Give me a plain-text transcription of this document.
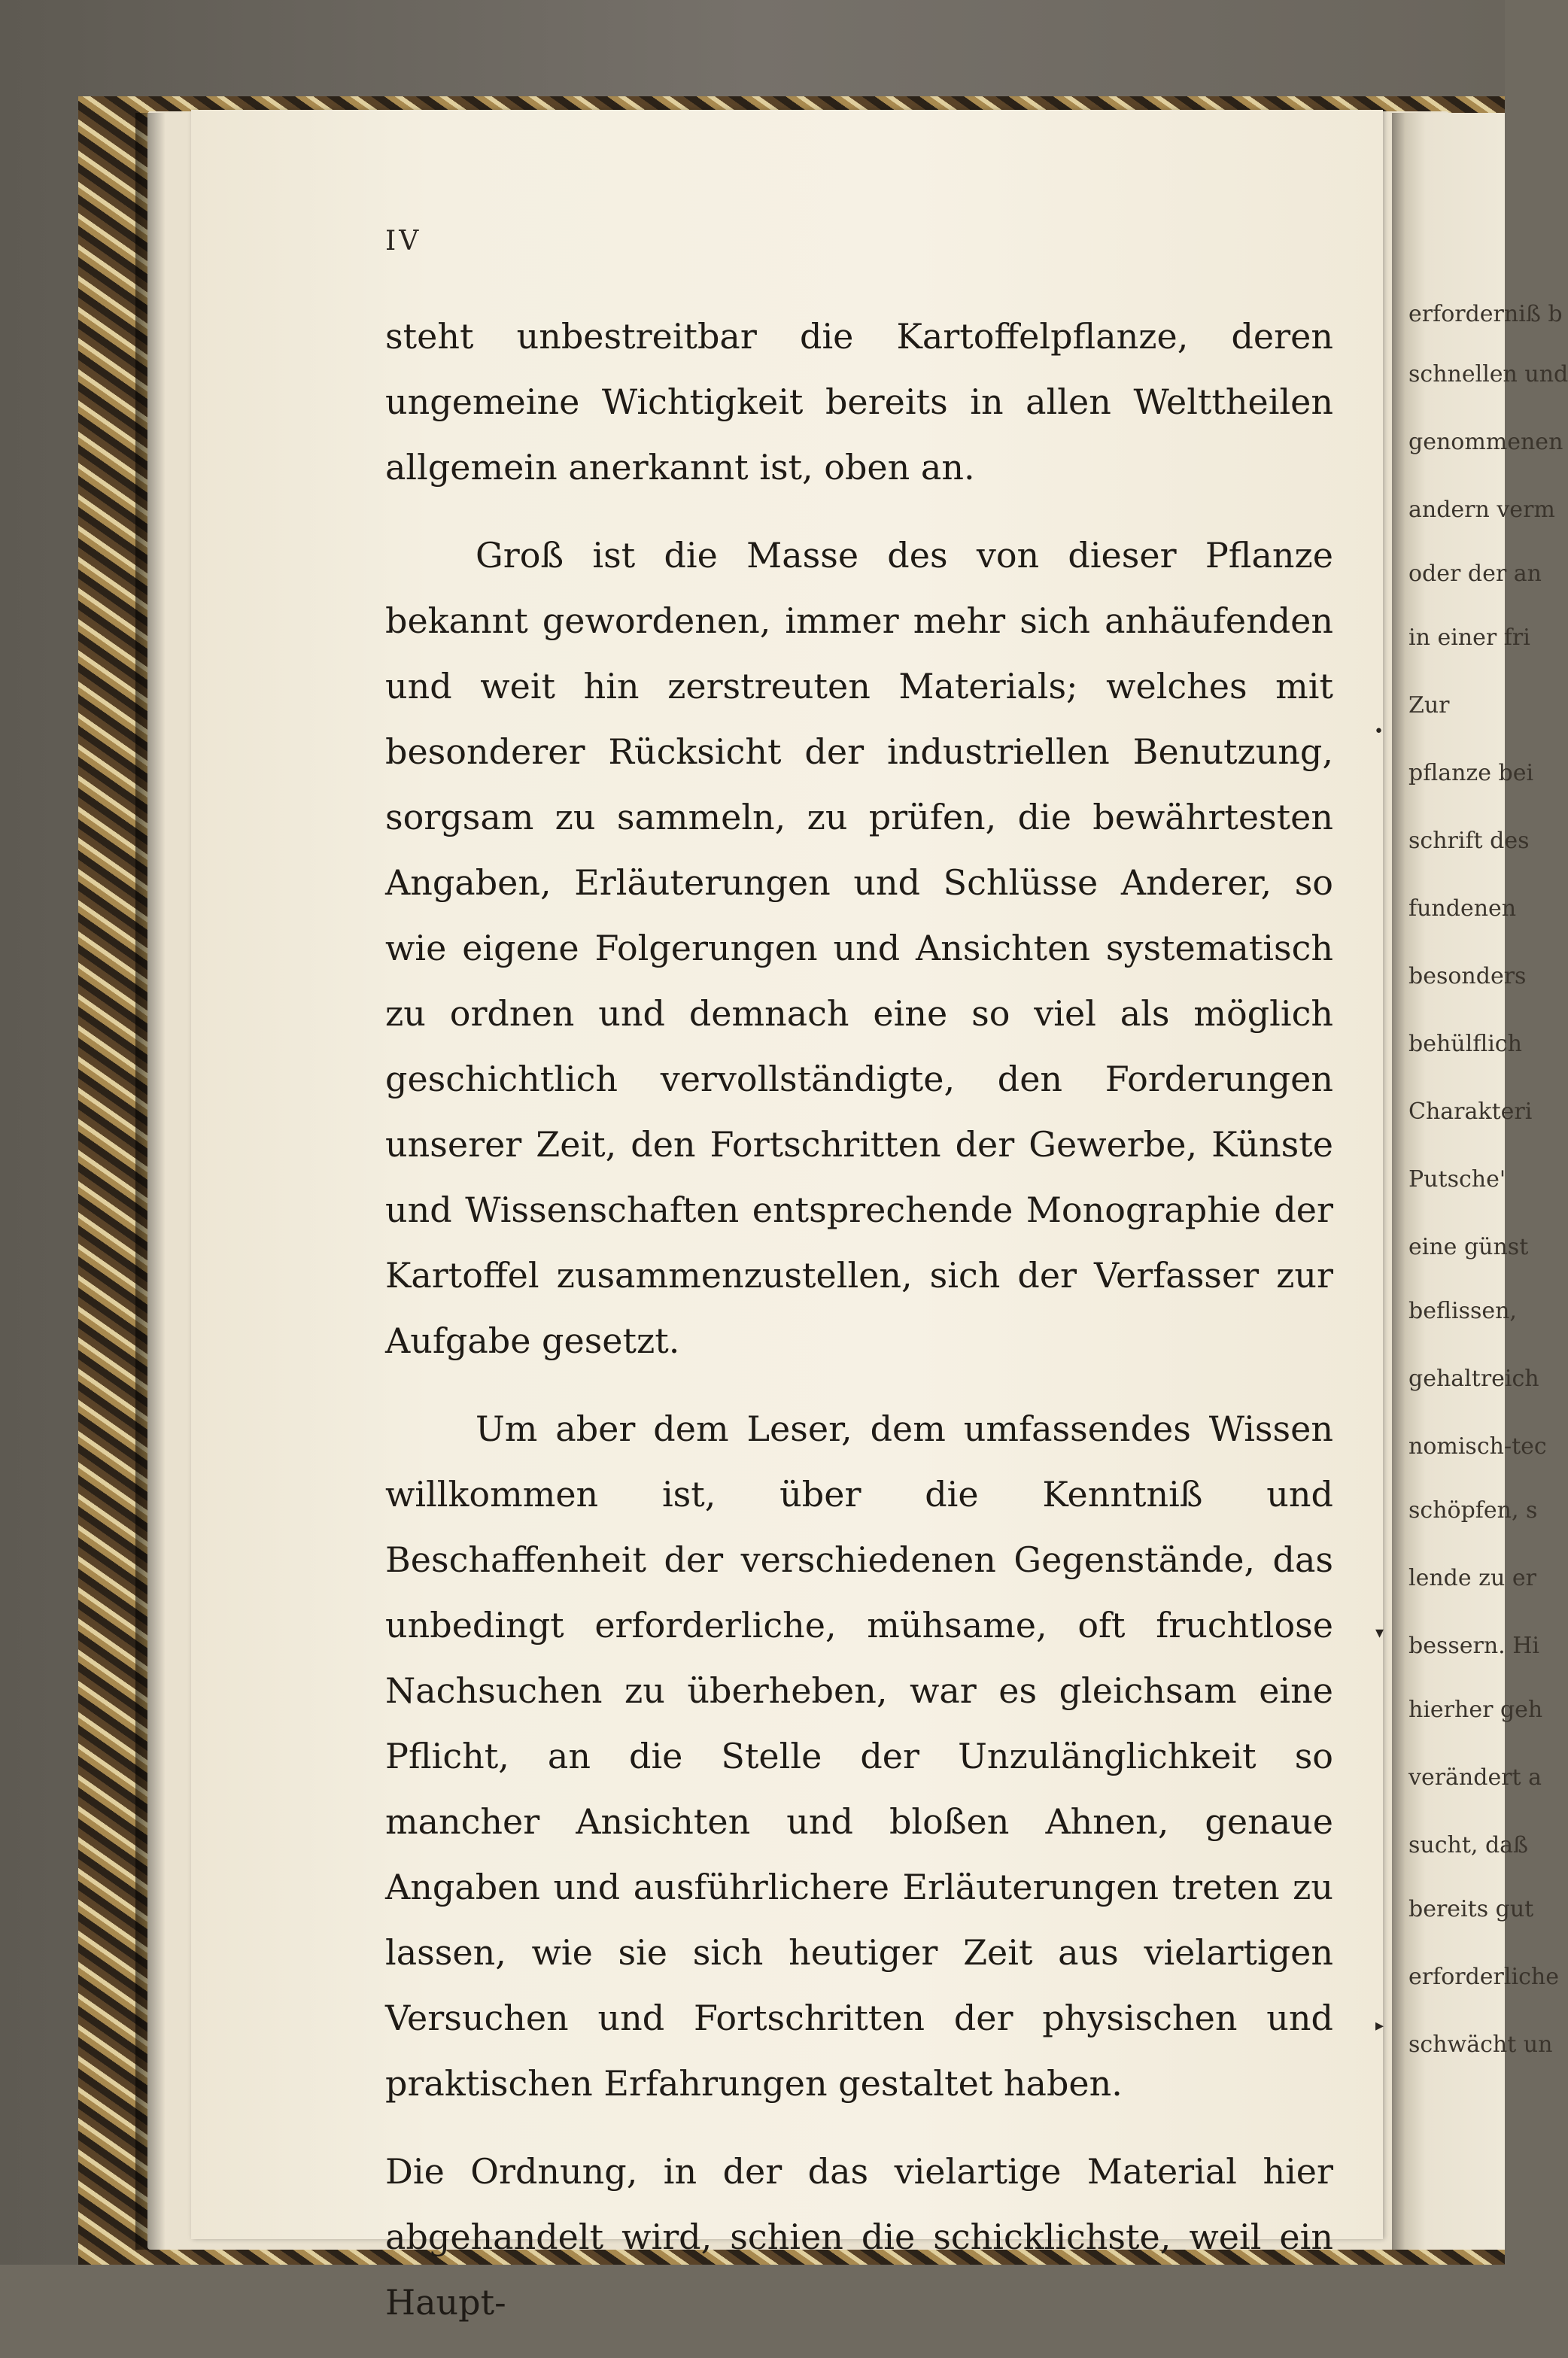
IV

steht unbestreitbar die Kartoffelpflanze, deren ungemeine Wichtigkeit bereits in allen Welttheilen allgemein anerkannt ist, oben an.

Groß ist die Masse des von dieser Pflanze bekannt gewordenen, immer mehr sich anhäufenden und weit hin zerstreuten Materials; welches mit besonderer Rücksicht der industriellen Benutzung, sorgsam zu sammeln, zu prüfen, die bewährtesten Angaben, Erläuterungen und Schlüsse Anderer, so wie eigene Folgerungen und Ansichten systematisch zu ordnen und demnach eine so viel als möglich geschichtlich vervollständigte, den Forderungen unserer Zeit, den Fortschritten der Gewerbe, Künste und Wissenschaften entsprechende Monographie der Kartoffel zusammenzustellen, sich der Verfasser zur Aufgabe gesetzt.

Um aber dem Leser, dem umfassendes Wissen willkommen ist, über die Kenntniß und Beschaffenheit der verschiedenen Gegenstände, das unbedingt erforderliche, mühsame, oft fruchtlose Nachsuchen zu überheben, war es gleichsam eine Pflicht, an die Stelle der Unzulänglichkeit so mancher Ansichten und bloßen Ahnen, genaue Angaben und ausführlichere Erläuterungen treten zu lassen, wie sie sich heutiger Zeit aus vielartigen Versuchen und Fortschritten der physischen und praktischen Erfahrungen gestaltet haben.

Die Ordnung, in der das vielartige Material hier abgehandelt wird, schien die schicklichste, weil ein Haupt-

erforderniß b
schnellen und
genommenen
andern verm
oder der an
in einer fri
Zur
pflanze bei
schrift des
fundenen
besonders
behülflich
Charakteri
Putsche'
eine günst
beflissen,
gehaltreich
nomisch-tec
schöpfen, s
lende zu er
bessern. Hi
hierher geh
verändert a
sucht, daß
bereits gut
erforderliche
schwächt un
•
▾
▸
